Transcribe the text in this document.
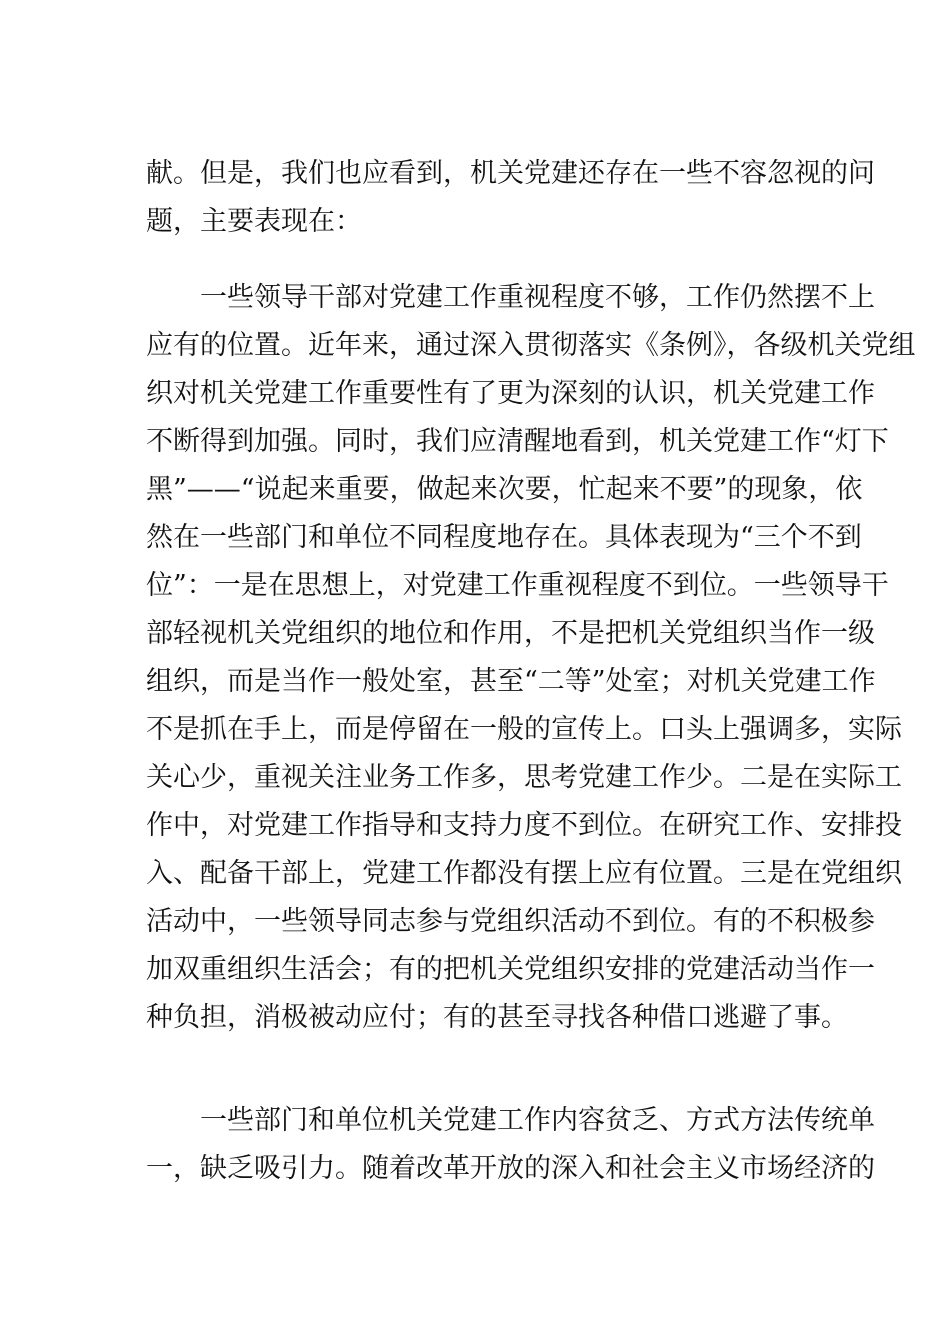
献。但是，我们也应看到，机关党建还存在一些不容忽视的问
题，主要表现在：
一些领导干部对党建工作重视程度不够，工作仍然摆不上
应有的位置。近年来，通过深入贯彻落实《条例》，各级机关党组
织对机关党建工作重要性有了更为深刻的认识，机关党建工作
不断得到加强。同时，我们应清醒地看到，机关党建工作“灯下
黑”——“说起来重要，做起来次要，忙起来不要”的现象，依
然在一些部门和单位不同程度地存在。具体表现为“三个不到
位”：一是在思想上，对党建工作重视程度不到位。一些领导干
部轻视机关党组织的地位和作用，不是把机关党组织当作一级
组织，而是当作一般处室，甚至“二等”处室；对机关党建工作
不是抓在手上，而是停留在一般的宣传上。口头上强调多，实际
关心少，重视关注业务工作多，思考党建工作少。二是在实际工
作中，对党建工作指导和支持力度不到位。在研究工作、安排投
入、配备干部上，党建工作都没有摆上应有位置。三是在党组织
活动中，一些领导同志参与党组织活动不到位。有的不积极参
加双重组织生活会；有的把机关党组织安排的党建活动当作一
种负担，消极被动应付；有的甚至寻找各种借口逃避了事。
一些部门和单位机关党建工作内容贫乏、方式方法传统单
一，缺乏吸引力。随着改革开放的深入和社会主义市场经济的
